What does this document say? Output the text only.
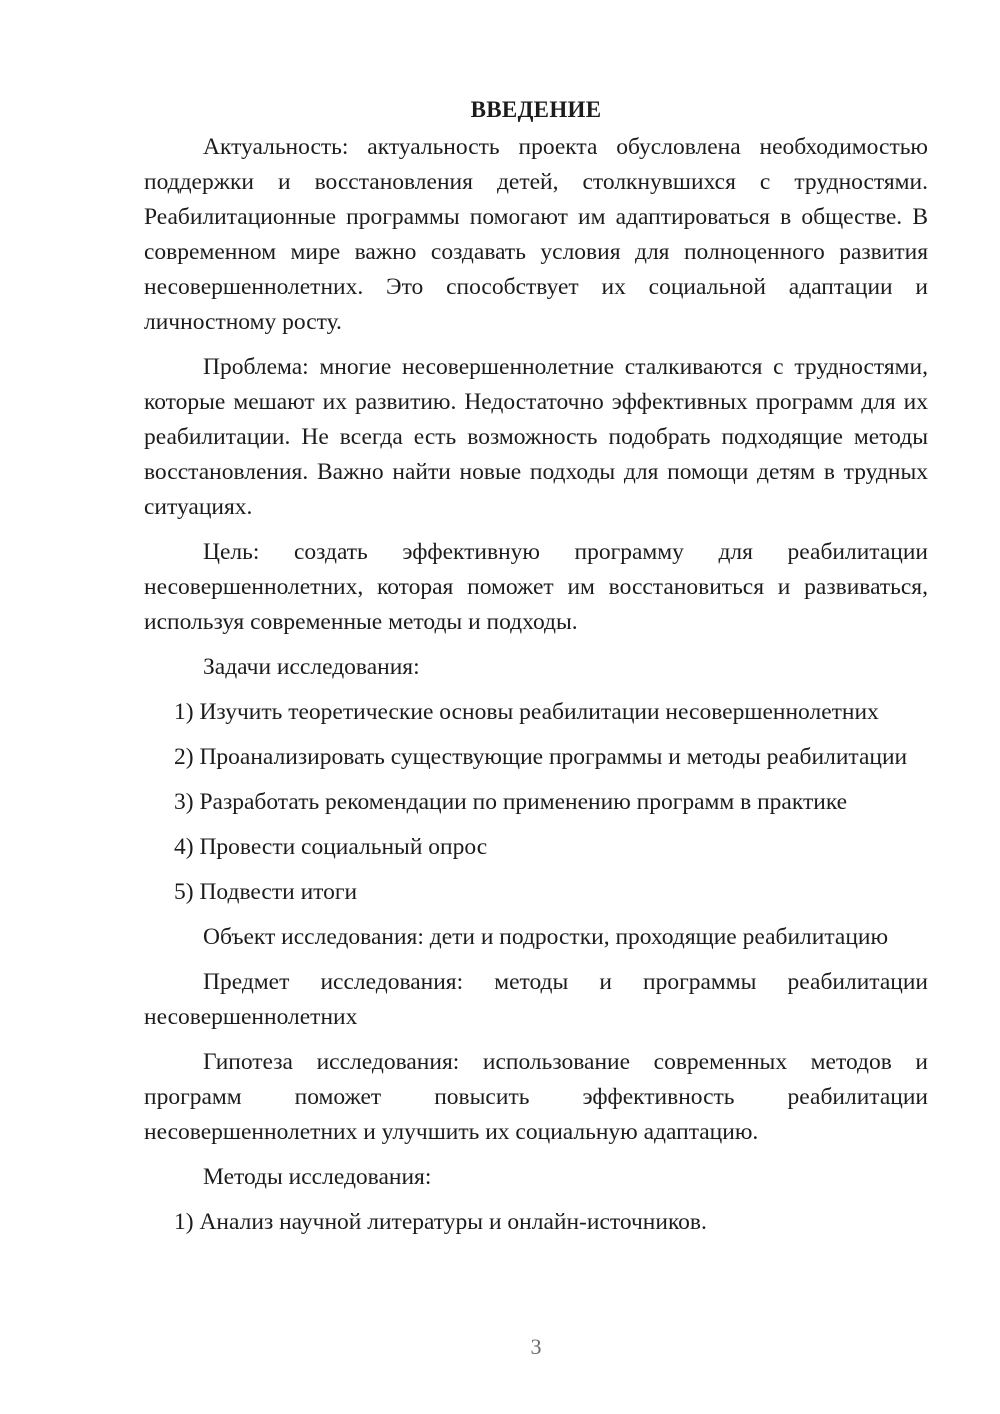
ВВЕДЕНИЕ
Актуальность: актуальность проекта обусловлена необходимостью поддержки и восстановления детей, столкнувшихся с трудностями. Реабилитационные программы помогают им адаптироваться в обществе. В современном мире важно создавать условия для полноценного развития несовершеннолетних. Это способствует их социальной адаптации и личностному росту.
Проблема: многие несовершеннолетние сталкиваются с трудностями, которые мешают их развитию. Недостаточно эффективных программ для их реабилитации. Не всегда есть возможность подобрать подходящие методы восстановления. Важно найти новые подходы для помощи детям в трудных ситуациях.
Цель: создать эффективную программу для реабилитации несовершеннолетних, которая поможет им восстановиться и развиваться, используя современные методы и подходы.
Задачи исследования:
1) Изучить теоретические основы реабилитации несовершеннолетних
2) Проанализировать существующие программы и методы реабилитации
3) Разработать рекомендации по применению программ в практике
4) Провести социальный опрос
5) Подвести итоги
Объект исследования: дети и подростки, проходящие реабилитацию
Предмет исследования: методы и программы реабилитации несовершеннолетних
Гипотеза исследования: использование современных методов и программ поможет повысить эффективность реабилитации несовершеннолетних и улучшить их социальную адаптацию.
Методы исследования:
1) Анализ научной литературы и онлайн-источников.
3
